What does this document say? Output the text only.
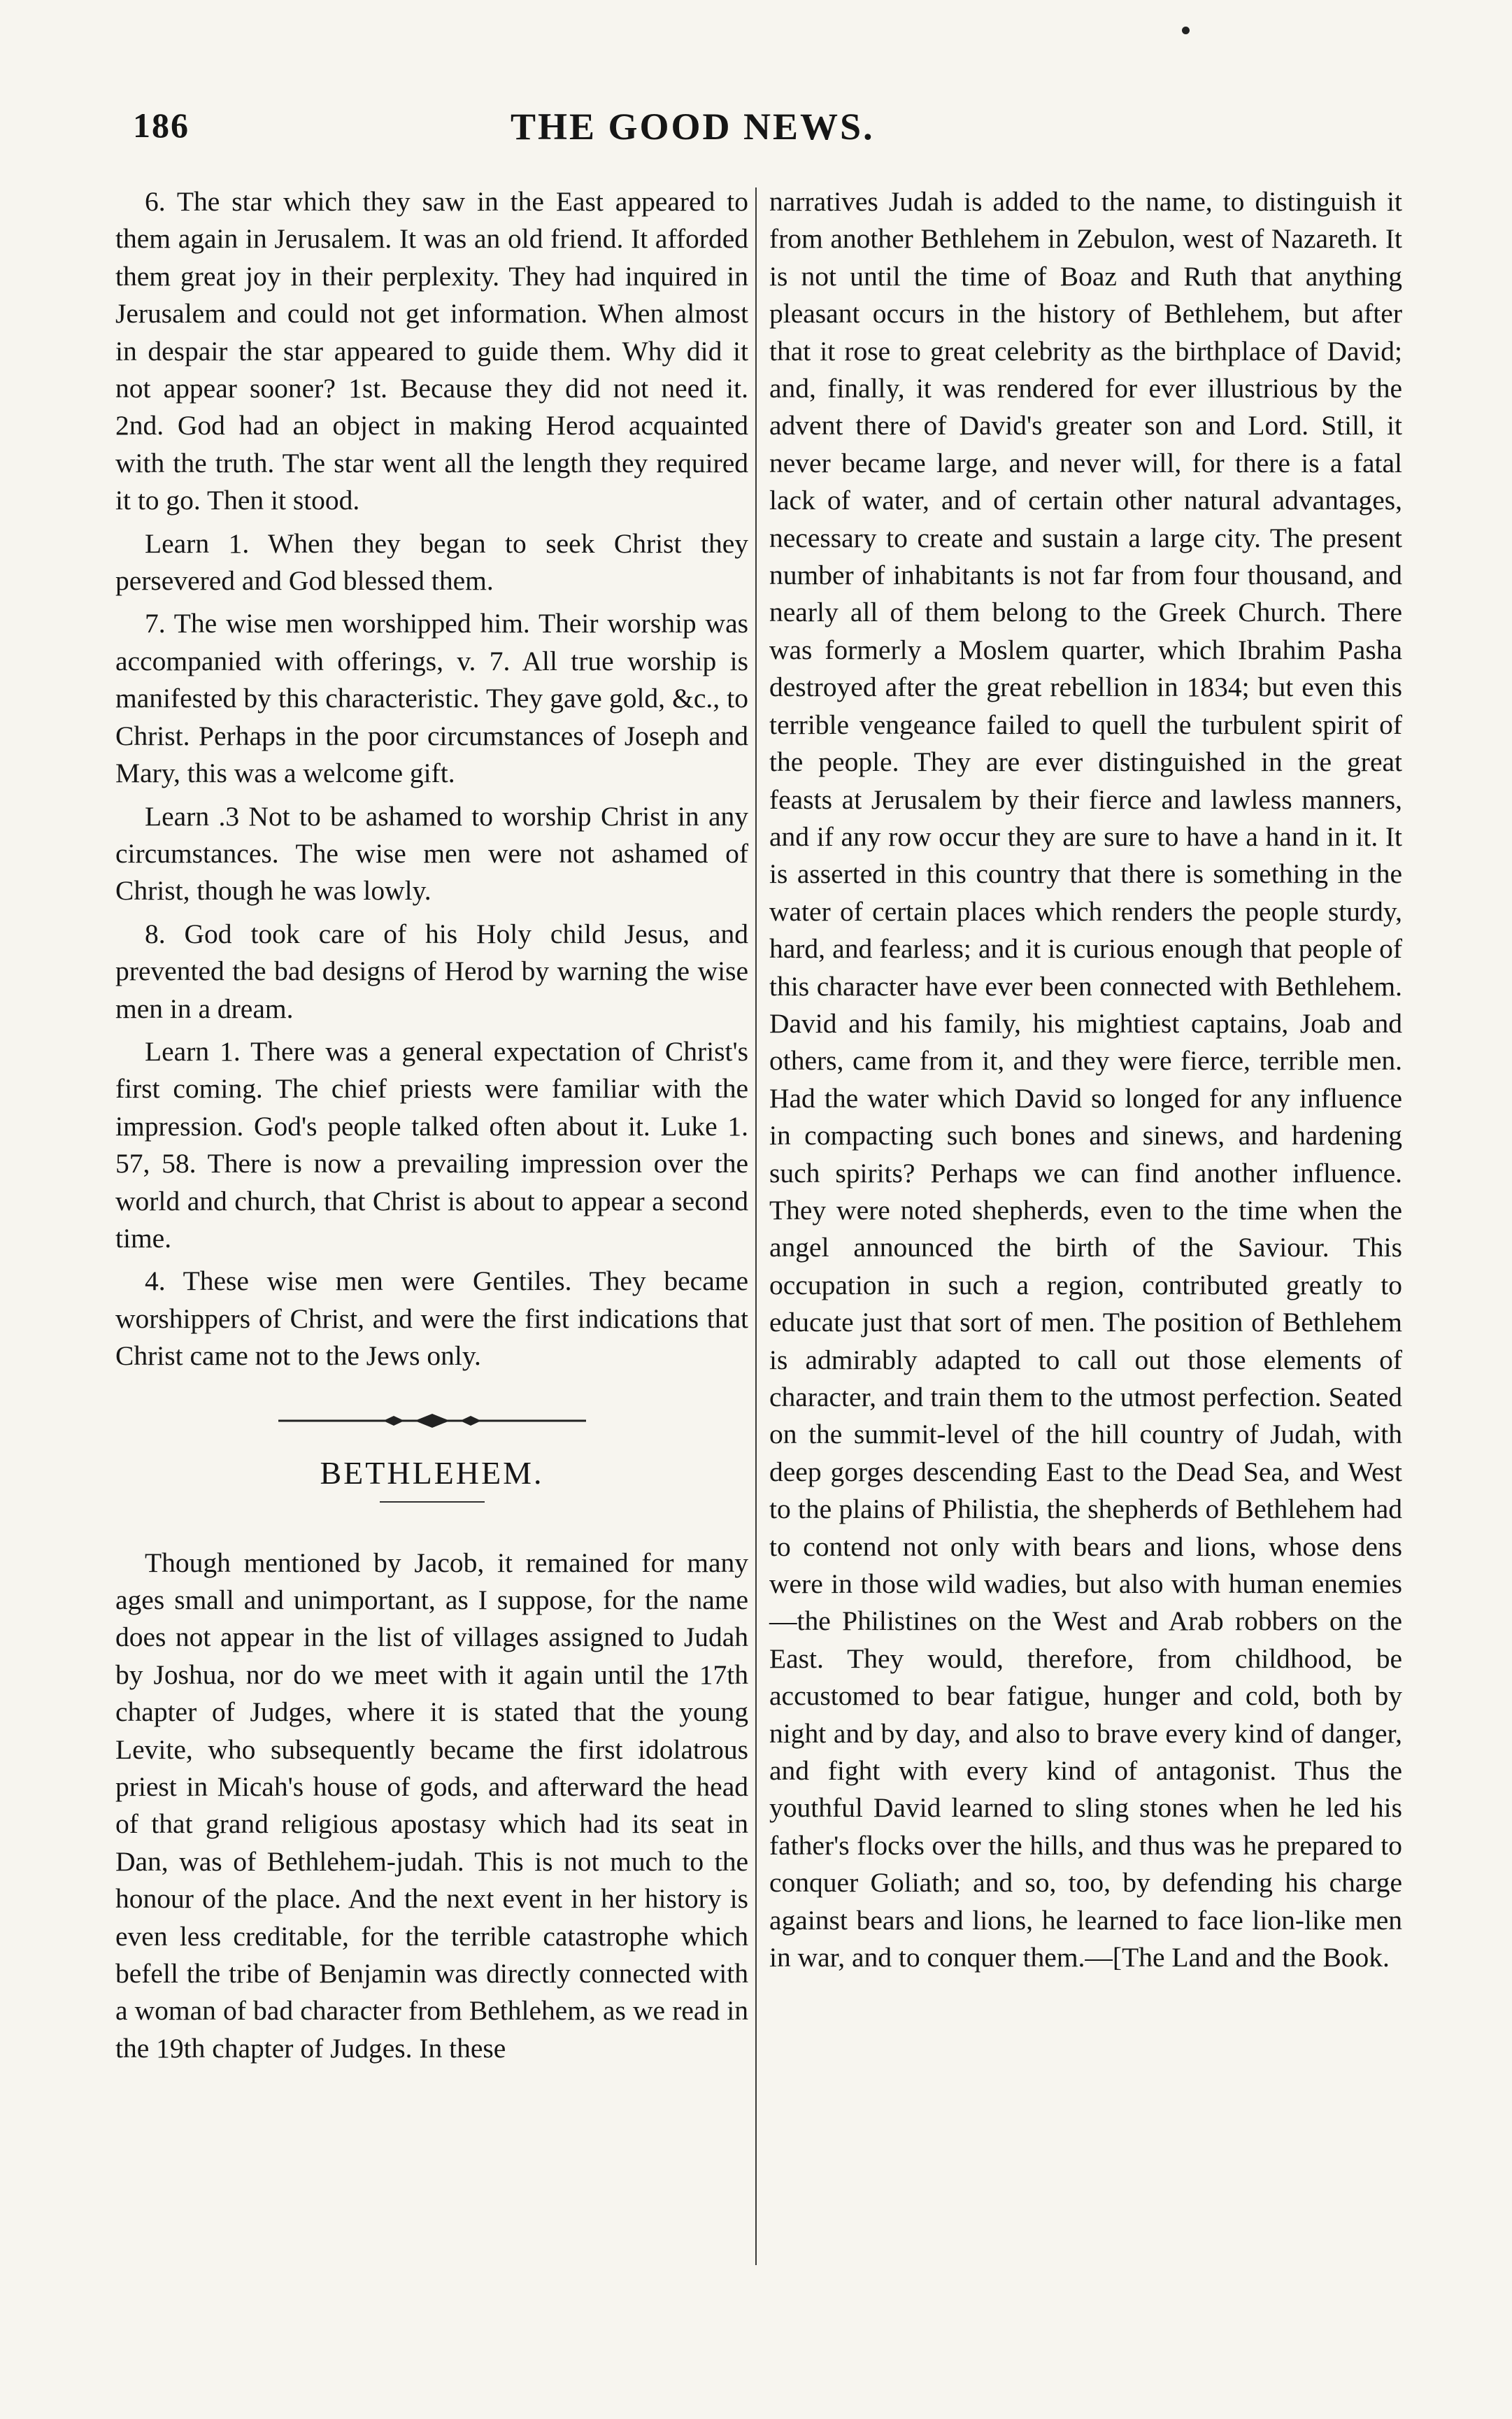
186	THE GOOD NEWS.

6. The star which they saw in the East appeared to them again in Jerusalem. It was an old friend. It afforded them great joy in their perplexity. They had inquired in Jerusalem and could not get information. When almost in despair the star appeared to guide them. Why did it not appear sooner? 1st. Because they did not need it. 2nd. God had an object in making Herod acquainted with the truth. The star went all the length they required it to go. Then it stood.

Learn 1. When they began to seek Christ they persevered and God blessed them.

7. The wise men worshipped him. Their worship was accompanied with offerings, v. 7. All true worship is manifested by this characteristic. They gave gold, &c., to Christ. Perhaps in the poor circumstances of Joseph and Mary, this was a welcome gift.

Learn .3 Not to be ashamed to worship Christ in any circumstances. The wise men were not ashamed of Christ, though he was lowly.

8. God took care of his Holy child Jesus, and prevented the bad designs of Herod by warning the wise men in a dream.

Learn 1. There was a general expectation of Christ's first coming. The chief priests were familiar with the impression. God's people talked often about it. Luke 1. 57, 58. There is now a prevailing impression over the world and church, that Christ is about to appear a second time.

4. These wise men were Gentiles. They became worshippers of Christ, and were the first indications that Christ came not to the Jews only.

BETHLEHEM.

Though mentioned by Jacob, it remained for many ages small and unimportant, as I suppose, for the name does not appear in the list of villages assigned to Judah by Joshua, nor do we meet with it again until the 17th chapter of Judges, where it is stated that the young Levite, who subsequently became the first idolatrous priest in Micah's house of gods, and afterward the head of that grand religious apostasy which had its seat in Dan, was of Bethlehem-judah. This is not much to the honour of the place. And the next event in her history is even less creditable, for the terrible catastrophe which befell the tribe of Benjamin was directly connected with a woman of bad character from Bethlehem, as we read in the 19th chapter of Judges. In these

narratives Judah is added to the name, to distinguish it from another Bethlehem in Zebulon, west of Nazareth. It is not until the time of Boaz and Ruth that anything pleasant occurs in the history of Bethlehem, but after that it rose to great celebrity as the birthplace of David; and, finally, it was rendered for ever illustrious by the advent there of David's greater son and Lord. Still, it never became large, and never will, for there is a fatal lack of water, and of certain other natural advantages, necessary to create and sustain a large city. The present number of inhabitants is not far from four thousand, and nearly all of them belong to the Greek Church. There was formerly a Moslem quarter, which Ibrahim Pasha destroyed after the great rebellion in 1834; but even this terrible vengeance failed to quell the turbulent spirit of the people. They are ever distinguished in the great feasts at Jerusalem by their fierce and lawless manners, and if any row occur they are sure to have a hand in it. It is asserted in this country that there is something in the water of certain places which renders the people sturdy, hard, and fearless; and it is curious enough that people of this character have ever been connected with Bethlehem. David and his family, his mightiest captains, Joab and others, came from it, and they were fierce, terrible men. Had the water which David so longed for any influence in compacting such bones and sinews, and hardening such spirits? Perhaps we can find another influence. They were noted shepherds, even to the time when the angel announced the birth of the Saviour. This occupation in such a region, contributed greatly to educate just that sort of men. The position of Bethlehem is admirably adapted to call out those elements of character, and train them to the utmost perfection. Seated on the summit-level of the hill country of Judah, with deep gorges descending East to the Dead Sea, and West to the plains of Philistia, the shepherds of Bethlehem had to contend not only with bears and lions, whose dens were in those wild wadies, but also with human enemies—the Philistines on the West and Arab robbers on the East. They would, therefore, from childhood, be accustomed to bear fatigue, hunger and cold, both by night and by day, and also to brave every kind of danger, and fight with every kind of antagonist. Thus the youthful David learned to sling stones when he led his father's flocks over the hills, and thus was he prepared to conquer Goliath; and so, too, by defending his charge against bears and lions, he learned to face lion-like men in war, and to conquer them.—[The Land and the Book.
